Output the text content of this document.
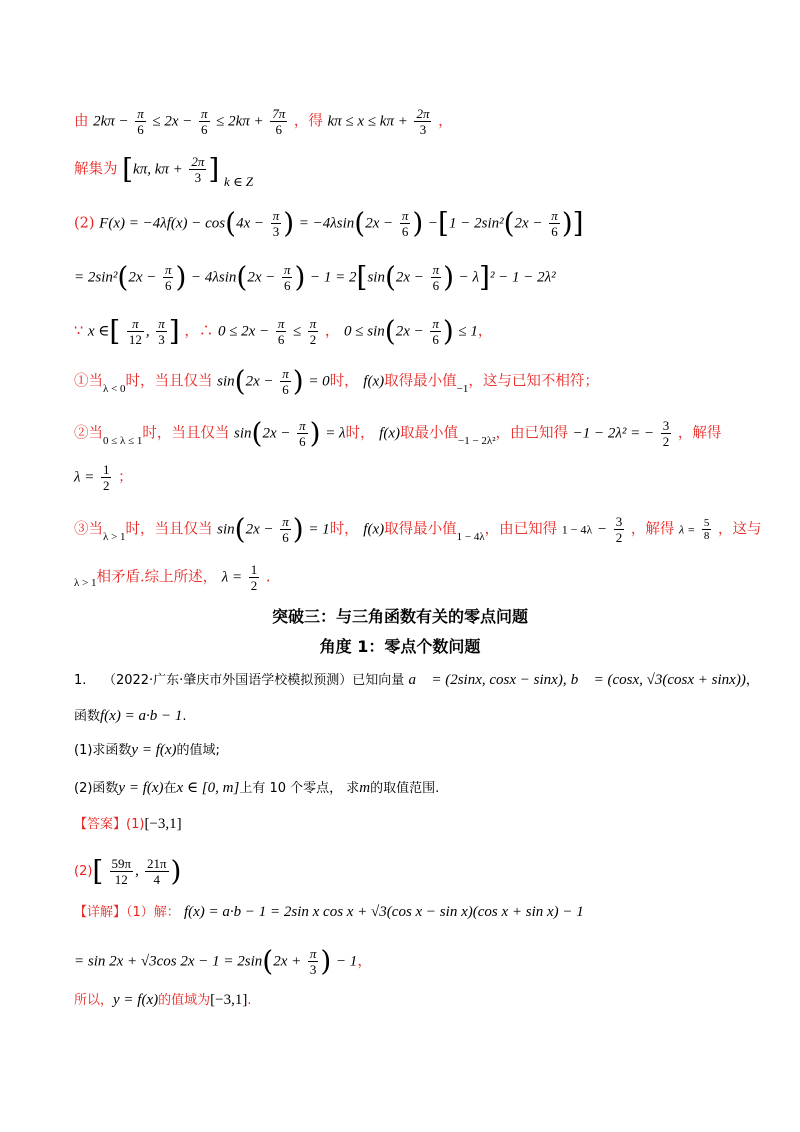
由 $2k\pi - \frac{\pi}{6} \le 2x - \frac{\pi}{6} \le 2k\pi + \frac{7\pi}{6}$ ，得 $k\pi \le x \le k\pi + \frac{2\pi}{3}$ ，
解集为 [kπ, $k\pi + \frac{2\pi}{3}$ ] k ∈ Z
(2) $F(x) = -4\lambda f(x) - \cos(4x - \frac{\pi}{3}$ ) = $-4\lambda\sin(2x - \frac{\pi}{6}$ ) $-[1 - 2\sin^2(2x - \frac{\pi}{6}$ )]
= $2\sin^2(2x - \frac{\pi}{6}$ ) − $4\lambda\sin(2x - \frac{\pi}{6}$ ) − $1 = 2[\sin(2x - \frac{\pi}{6}$ ) − λ]² − 1 − 2λ²
∵ x ∈[ $\frac{\pi}{12}$ , $\frac{\pi}{3}$ ] ，∴ $0 \le 2x - \frac{\pi}{6} \le \frac{\pi}{2}$ ， $0 \le \sin(2x - \frac{\pi}{6}$ ) ≤ 1，
①当$_{\lambda < 0}$时，当且仅当 $\sin(2x - \frac{\pi}{6}$ ) = 0时， f(x)取得最小值$_{-1}$，这与已知不相符；
②当$_{0 \le \lambda \le 1}$时，当且仅当 $\sin(2x - \frac{\pi}{6}$ ) = λ时， f(x)取最小值$_{-1 - 2\lambda^2}$，由已知得 −1 − 2λ² = − $\frac{3}{2}$ ，解得
$\lambda = \frac{1}{2}$ ；
③当$_{\lambda > 1}$时，当且仅当 $\sin(2x - \frac{\pi}{6}$ ) = 1时， f(x)取得最小值$_{1 - 4\lambda}$，由已知得 $1 - 4\lambda - \frac{3}{2}$ ，解得 $\lambda = \frac{5}{8}$ ，这与
$_{\lambda > 1}$相矛盾.综上所述， $\lambda = \frac{1}{2}$ .
突破三：与三角函数有关的零点问题
角度 1：零点个数问题
1. （2022·广东·肇庆市外国语学校模拟预测）已知向量 a⃗ = (2sinx, cosx − sinx), b⃗ = (cosx, √3(cosx + sinx))，
函数f(x) = a·b − 1.
(1)求函数y = f(x)的值域;
(2)函数y = f(x)在x ∈ [0, m]上有 10 个零点， 求m的取值范围.
【答案】(1)[−3,1]
$(2)[ \frac{59\pi}{12}$ , $\frac{21\pi}{4}$ )
【详解】（1）解： f(x) = a·b − 1 = 2sin x cos x + √3(cos x − sin x)(cos x + sin x) − 1
= sin 2x + √3cos $2x - 1 = 2\sin(2x + \frac{\pi}{3}$ ) − 1，
所以，y = f(x)的值域为[−3,1].
